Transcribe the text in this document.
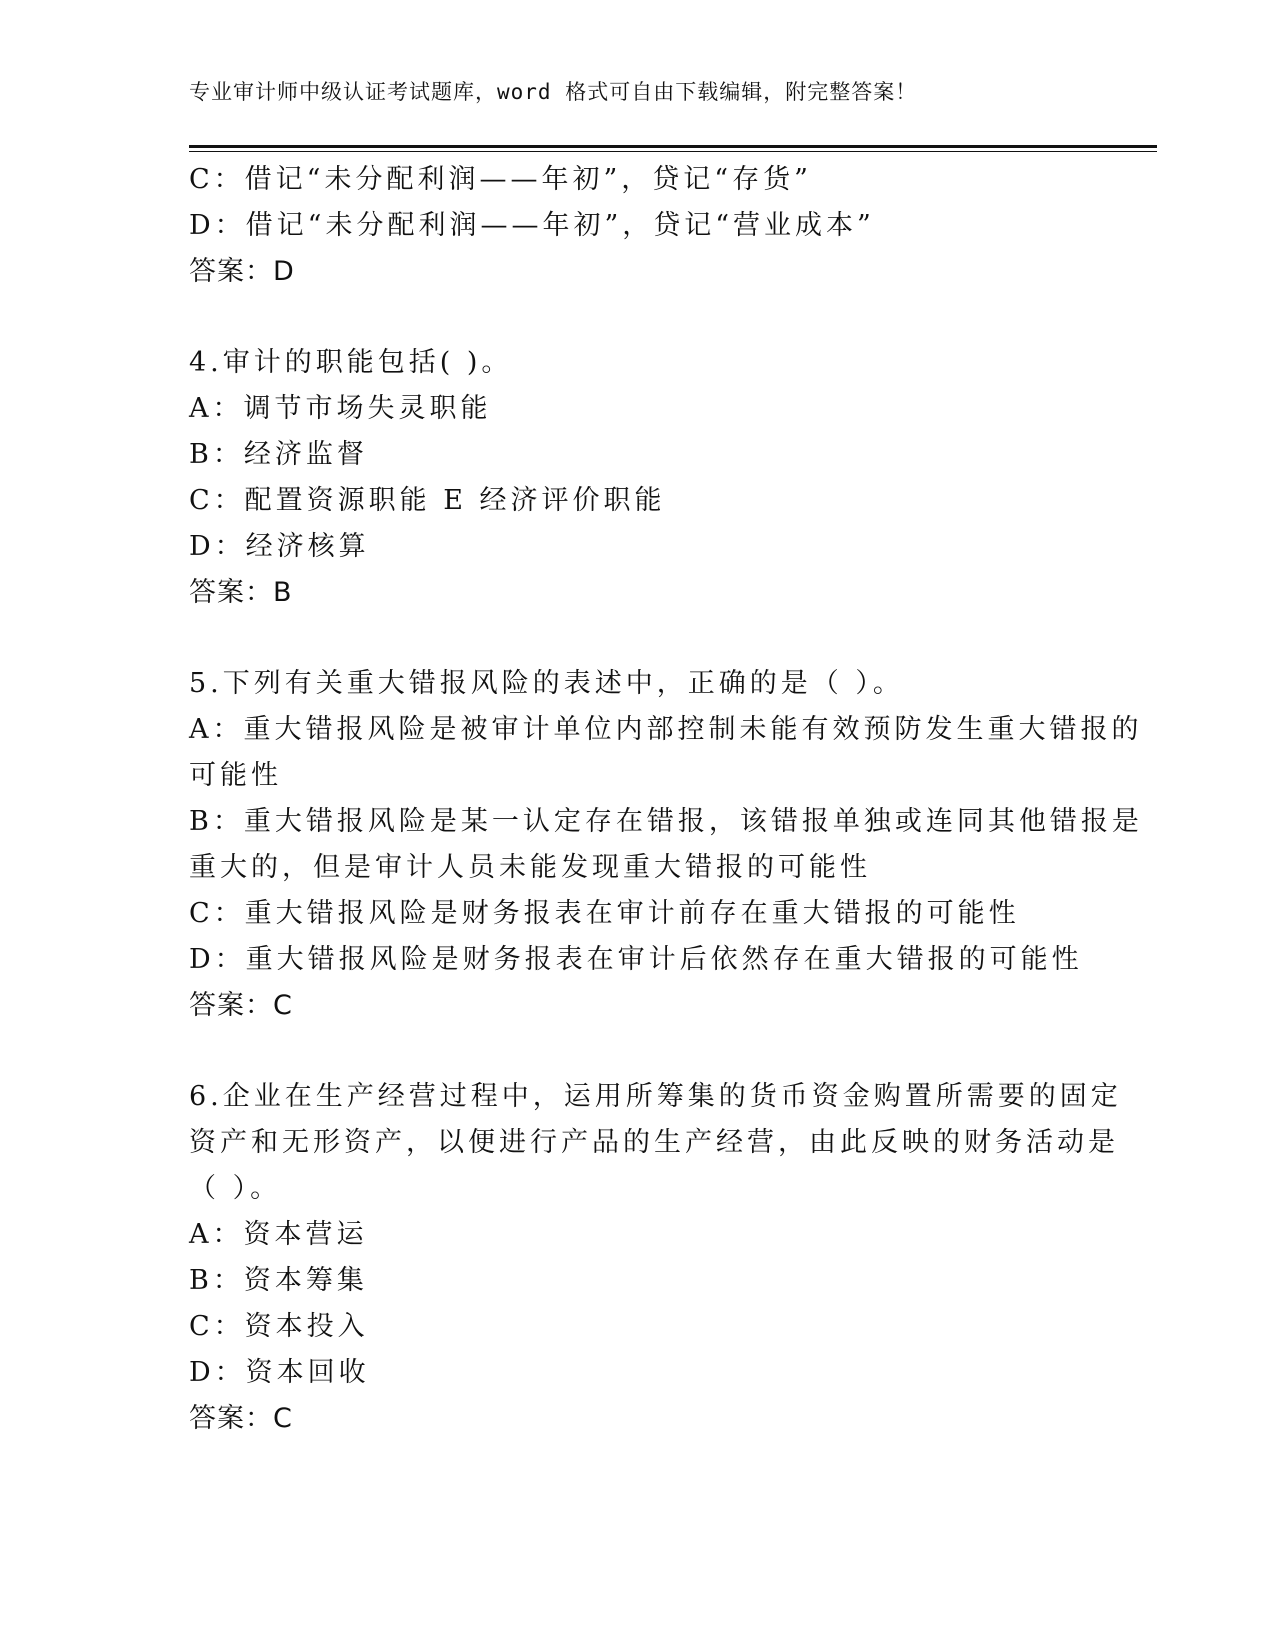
专业审计师中级认证考试题库，word 格式可自由下载编辑，附完整答案！
C：借记“未分配利润——年初”，贷记“存货”
D：借记“未分配利润——年初”，贷记“营业成本”
答案：D
4.审计的职能包括( )。
A：调节市场失灵职能
B：经济监督
C：配置资源职能 E 经济评价职能
D：经济核算
答案：B
5.下列有关重大错报风险的表述中，正确的是（ ）。
A：重大错报风险是被审计单位内部控制未能有效预防发生重大错报的
可能性
B：重大错报风险是某一认定存在错报，该错报单独或连同其他错报是
重大的，但是审计人员未能发现重大错报的可能性
C：重大错报风险是财务报表在审计前存在重大错报的可能性
D：重大错报风险是财务报表在审计后依然存在重大错报的可能性
答案：C
6.企业在生产经营过程中，运用所筹集的货币资金购置所需要的固定
资产和无形资产，以便进行产品的生产经营，由此反映的财务活动是
（ ）。
A：资本营运
B：资本筹集
C：资本投入
D：资本回收
答案：C
